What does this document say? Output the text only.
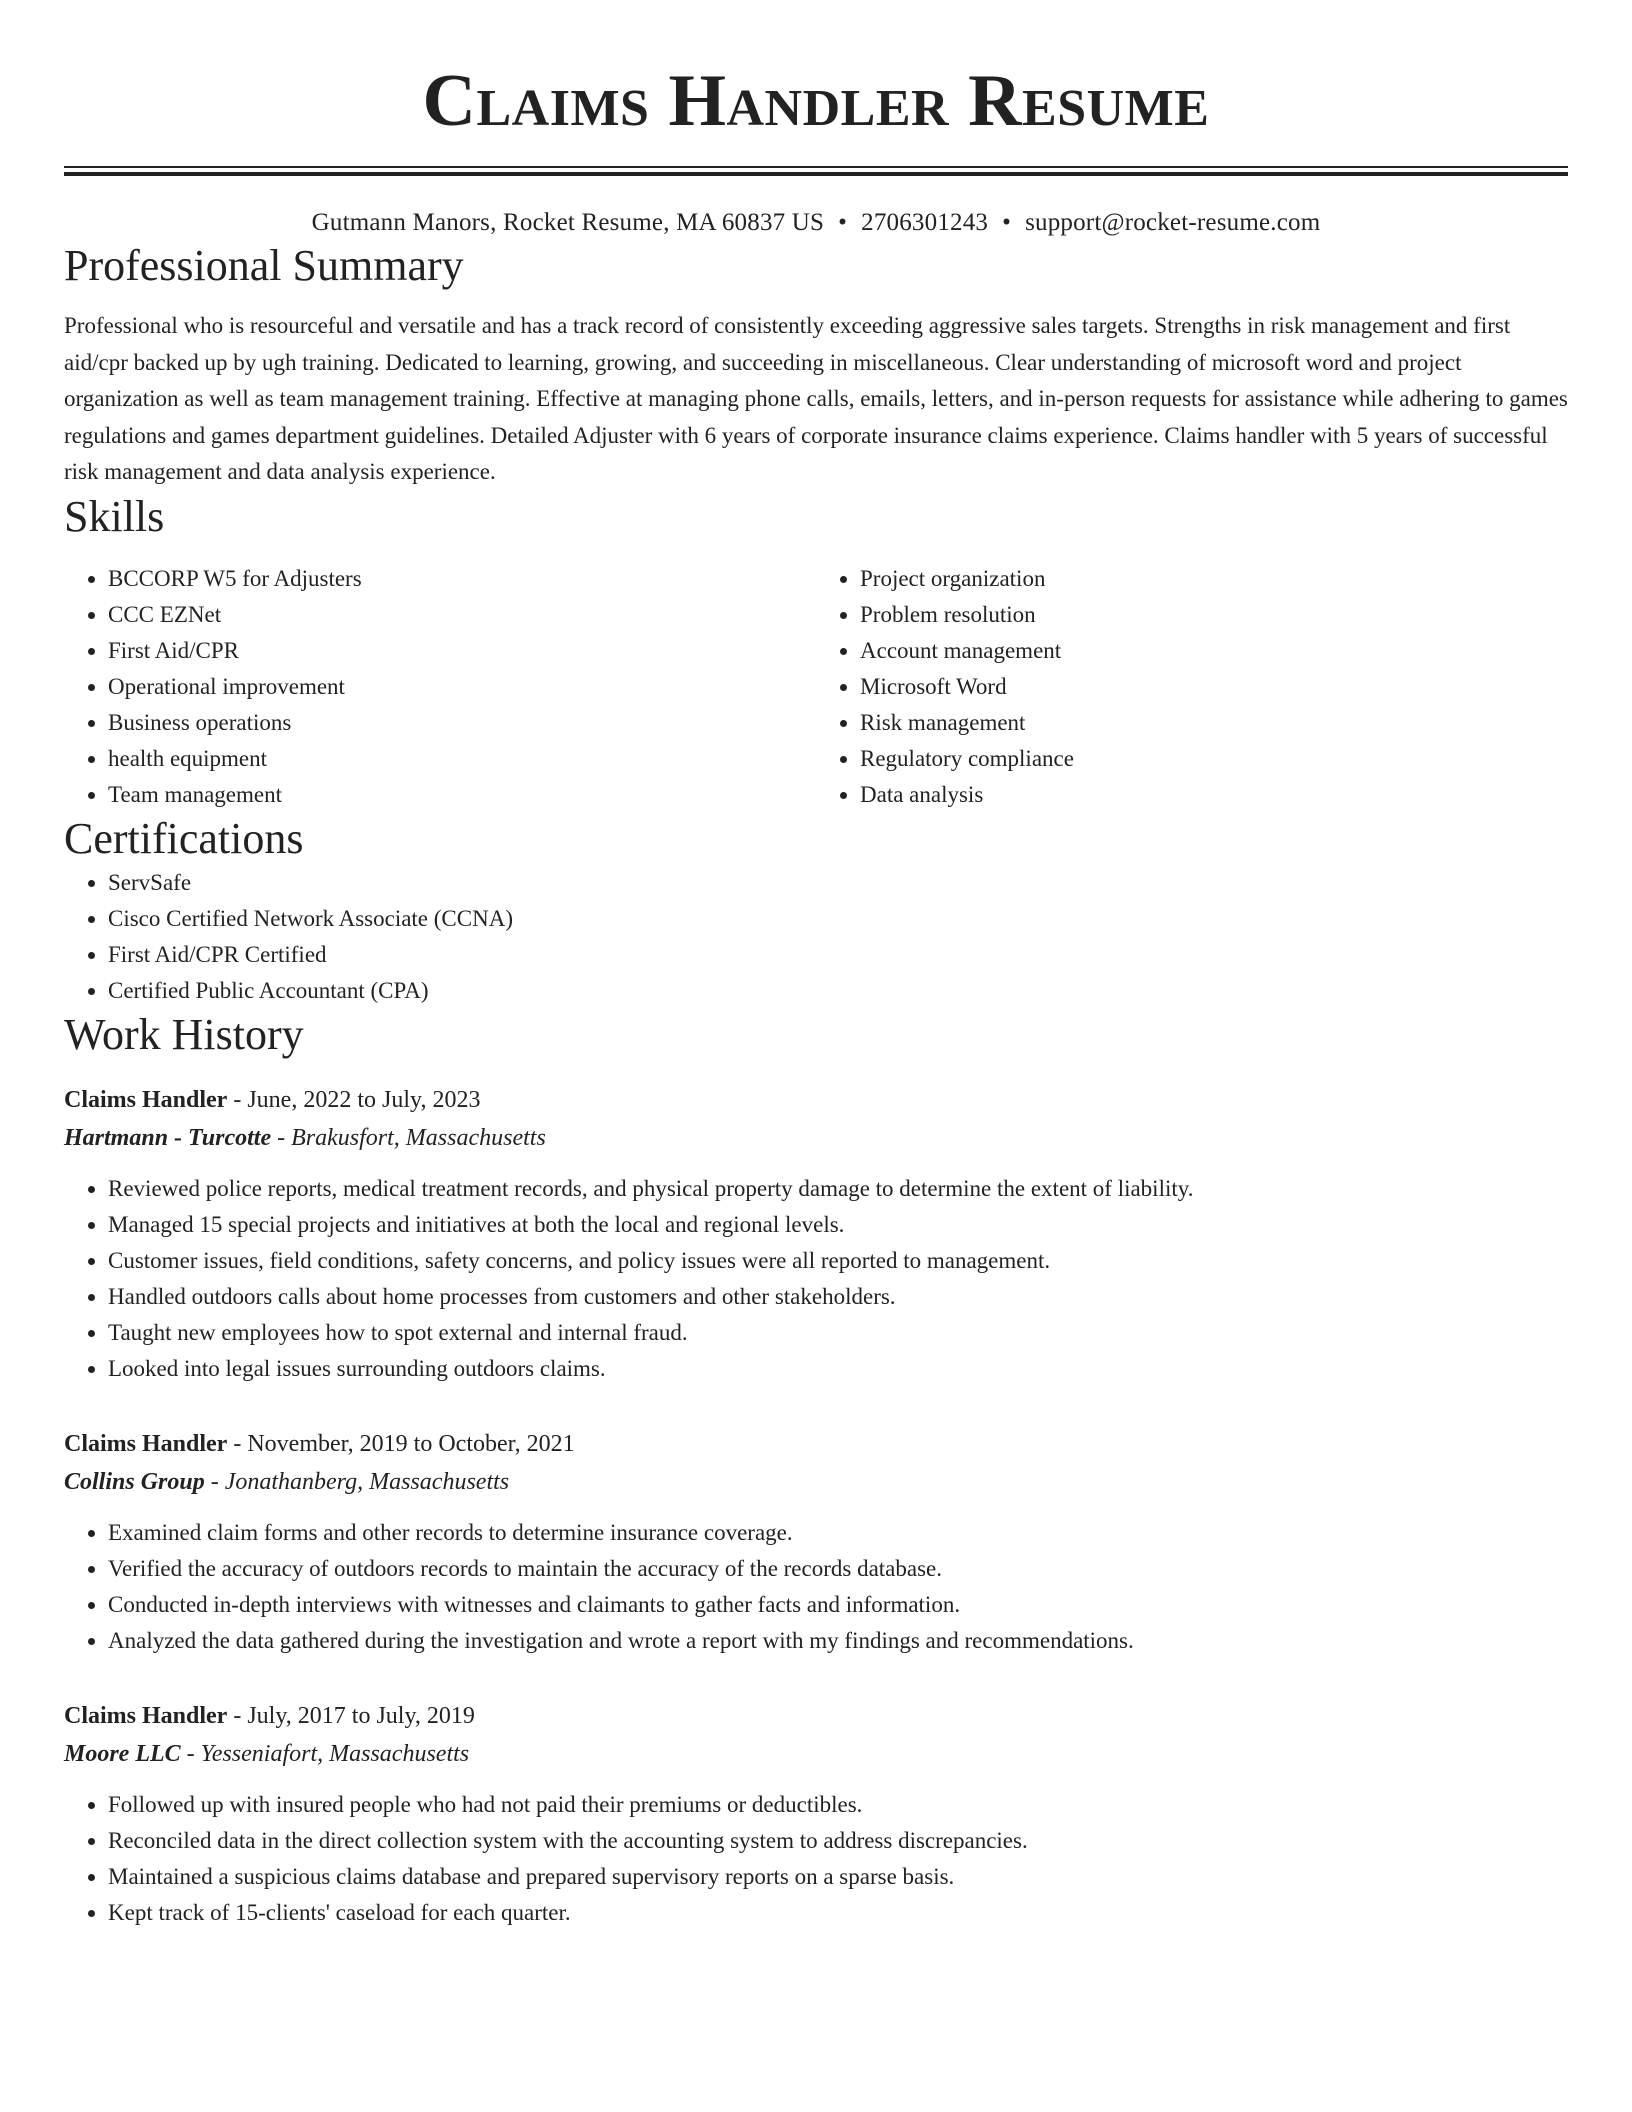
Claims Handler Resume
Gutmann Manors, Rocket Resume, MA 60837 US • 2706301243 • support@rocket-resume.com
Professional Summary
Professional who is resourceful and versatile and has a track record of consistently exceeding aggressive sales targets. Strengths in risk management and first aid/cpr backed up by ugh training. Dedicated to learning, growing, and succeeding in miscellaneous. Clear understanding of microsoft word and project organization as well as team management training. Effective at managing phone calls, emails, letters, and in-person requests for assistance while adhering to games regulations and games department guidelines. Detailed Adjuster with 6 years of corporate insurance claims experience. Claims handler with 5 years of successful risk management and data analysis experience.
Skills
• BCCORP W5 for Adjusters
• CCC EZNet
• First Aid/CPR
• Operational improvement
• Business operations
• health equipment
• Team management
• Project organization
• Problem resolution
• Account management
• Microsoft Word
• Risk management
• Regulatory compliance
• Data analysis
Certifications
• ServSafe
• Cisco Certified Network Associate (CCNA)
• First Aid/CPR Certified
• Certified Public Accountant (CPA)
Work History
Claims Handler - June, 2022 to July, 2023
Hartmann - Turcotte - Brakusfort, Massachusetts
• Reviewed police reports, medical treatment records, and physical property damage to determine the extent of liability.
• Managed 15 special projects and initiatives at both the local and regional levels.
• Customer issues, field conditions, safety concerns, and policy issues were all reported to management.
• Handled outdoors calls about home processes from customers and other stakeholders.
• Taught new employees how to spot external and internal fraud.
• Looked into legal issues surrounding outdoors claims.
Claims Handler - November, 2019 to October, 2021
Collins Group - Jonathanberg, Massachusetts
• Examined claim forms and other records to determine insurance coverage.
• Verified the accuracy of outdoors records to maintain the accuracy of the records database.
• Conducted in-depth interviews with witnesses and claimants to gather facts and information.
• Analyzed the data gathered during the investigation and wrote a report with my findings and recommendations.
Claims Handler - July, 2017 to July, 2019
Moore LLC - Yesseniafort, Massachusetts
• Followed up with insured people who had not paid their premiums or deductibles.
• Reconciled data in the direct collection system with the accounting system to address discrepancies.
• Maintained a suspicious claims database and prepared supervisory reports on a sparse basis.
• Kept track of 15-clients' caseload for each quarter.
